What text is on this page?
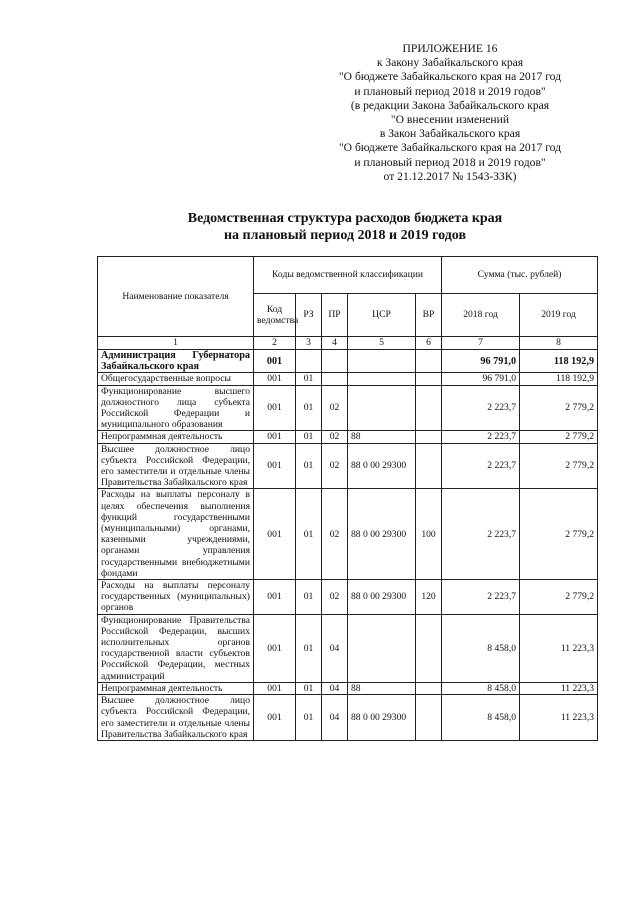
ПРИЛОЖЕНИЕ 16
к Закону Забайкальского края
"О бюджете Забайкальского края на 2017 год
и плановый период 2018 и 2019 годов"
(в редакции Закона Забайкальского края
"О внесении изменений
в Закон Забайкальского края
"О бюджете Забайкальского края на 2017 год
и плановый период 2018 и 2019 годов"
от 21.12.2017 № 1543-ЗЗК)
Ведомственная структура расходов бюджета края
на плановый период 2018 и 2019 годов
Наименование показателя	Коды ведомственной классификации					Сумма (тыс. рублей)	
	Код ведомства	РЗ	ПР	ЦСР	ВР	2018 год	2019 год
1	2	3	4	5	6	7	8
Администрация Губернатора Забайкальского края	001					96 791,0	118 192,9
Общегосударственные вопросы	001	01				96 791,0	118 192,9
Функционирование высшего должностного лица субъекта Российской Федерации и муниципального образования	001	01	02			2 223,7	2 779,2
Непрограммная деятельность	001	01	02	88		2 223,7	2 779,2
Высшее должностное лицо субъекта Российской Федерации, его заместители и отдельные члены Правительства Забайкальского края	001	01	02	88 0 00 29300		2 223,7	2 779,2
Расходы на выплаты персоналу в целях обеспечения выполнения функций государственными (муниципальными) органами, казенными учреждениями, органами управления государственными внебюджетными фондами	001	01	02	88 0 00 29300	100	2 223,7	2 779,2
Расходы на выплаты персоналу государственных (муниципальных) органов	001	01	02	88 0 00 29300	120	2 223,7	2 779,2
Функционирование Правительства Российской Федерации, высших исполнительных органов государственной власти субъектов Российской Федерации, местных администраций	001	01	04			8 458,0	11 223,3
Непрограммная деятельность	001	01	04	88		8 458,0	11 223,3
Высшее должностное лицо субъекта Российской Федерации, его заместители и отдельные члены Правительства Забайкальского края	001	01	04	88 0 00 29300		8 458,0	11 223,3
